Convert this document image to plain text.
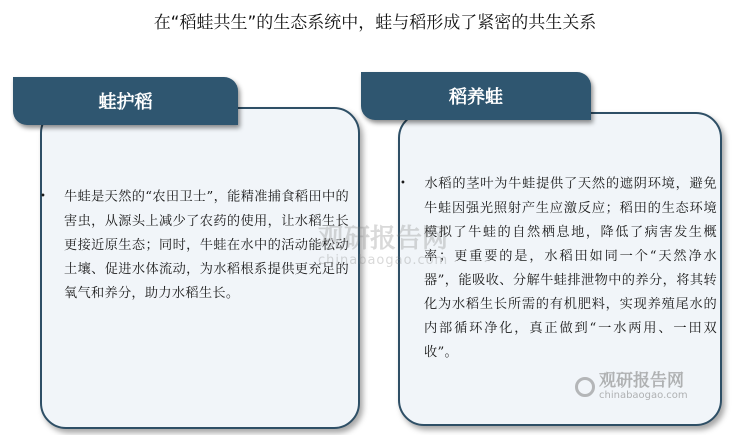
在“稻蛙共生”的生态系统中，蛙与稻形成了紧密的共生关系
蛙护稻
• 牛蛙是天然的“农田卫士”，能精准捕食稻田中的害虫，从源头上减少了农药的使用，让水稻生长更接近原生态；同时，牛蛙在水中的活动能松动土壤、促进水体流动，为水稻根系提供更充足的氧气和养分，助力水稻生长。
稻养蛙
• 水稻的茎叶为牛蛙提供了天然的遮阴环境，避免牛蛙因强光照射产生应激反应；稻田的生态环境模拟了牛蛙的自然栖息地，降低了病害发生概率；更重要的是，水稻田如同一个“天然净水器”，能吸收、分解牛蛙排泄物中的养分，将其转化为水稻生长所需的有机肥料，实现养殖尾水的内部循环净化，真正做到“一水两用、一田双收”。
观研报告网
chinabaogao.com
观研报告网
chinabaogao.com
